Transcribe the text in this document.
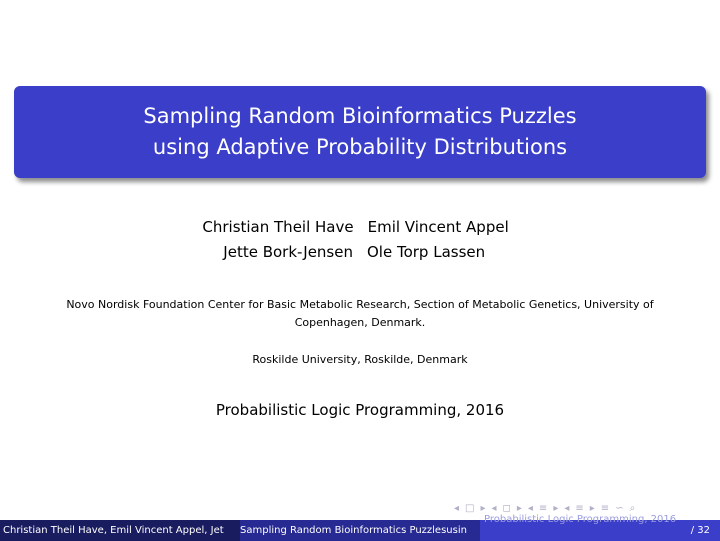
Sampling Random Bioinformatics Puzzles
using Adaptive Probability Distributions
Christian Theil Have Emil Vincent Appel
Jette Bork-Jensen Ole Torp Lassen
Novo Nordisk Foundation Center for Basic Metabolic Research, Section of Metabolic Genetics, University of Copenhagen, Denmark.
Roskilde University, Roskilde, Denmark
Probabilistic Logic Programming, 2016
◂ □ ▸ ◂ ◻ ▸ ◂ ≡ ▸ ◂ ≡ ▸ ≡ ∽ ⌕
Christian Theil Have, Emil Vincent Appel, Jet	Sampling Random Bioinformatics Puzzlesusin
Probabilistic Logic Programming, 2016
/ 32
